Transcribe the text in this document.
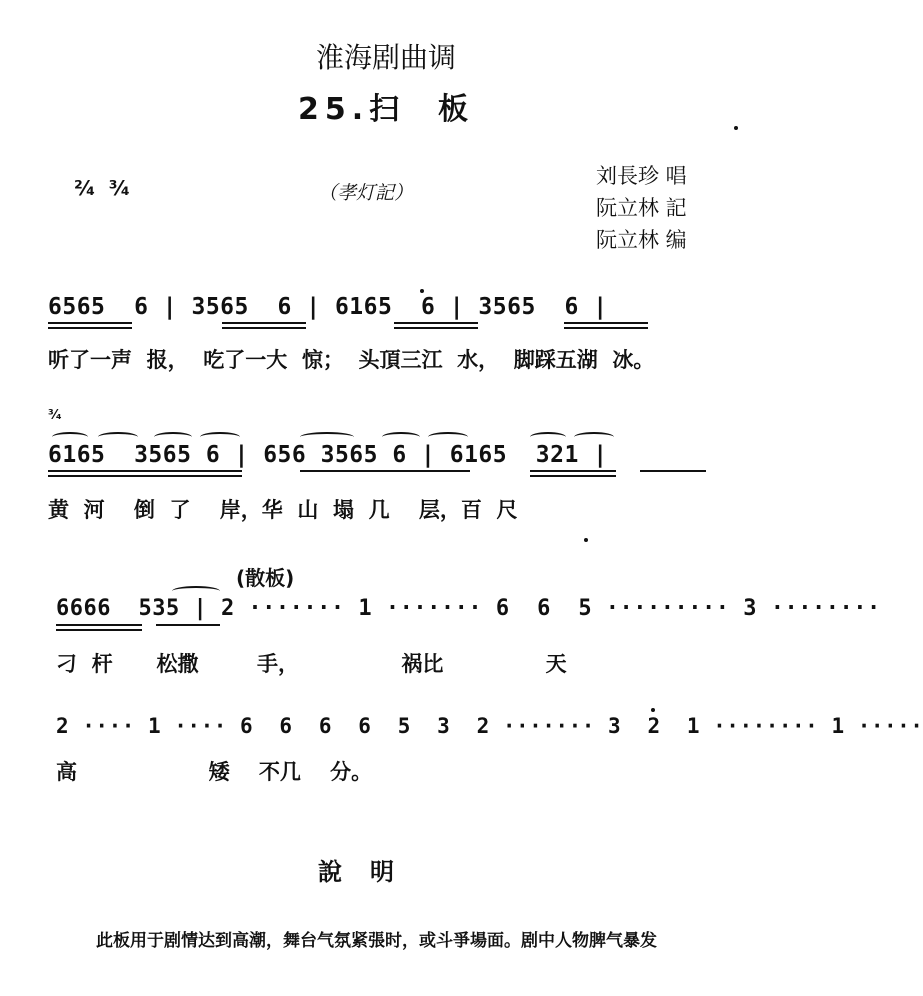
淮海剧曲调
25.扫  板
²⁄₄  ³⁄₄	（孝灯記）
刘長珍 唱
阮立林 記
阮立林 编
6565  6 | 3565  6 | 6165  6 | 3565  6 |
听了一声  报，  吃了一大  惊；  头頂三江  水，  脚踩五湖  冰。
³⁄₄
6165  3565 6 | 656 3565 6 | 6165  321 |
黄  河    倒  了    岸，华  山  塌  几    层，百  尺
(散板)
6666  535 | 2 ······· 1 ······· 6  6  5 ········· 3 ········
刁  杆      松撒        手，              祸比              天
2 ···· 1 ···· 6  6  6  6  5  3  2 ······· 3  2  1 ········ 1 ·····
高                  矮    不几    分。
說明
此板用于剧情达到高潮，舞台气氛紧張时，或斗爭場面。剧中人物脾气暴发
